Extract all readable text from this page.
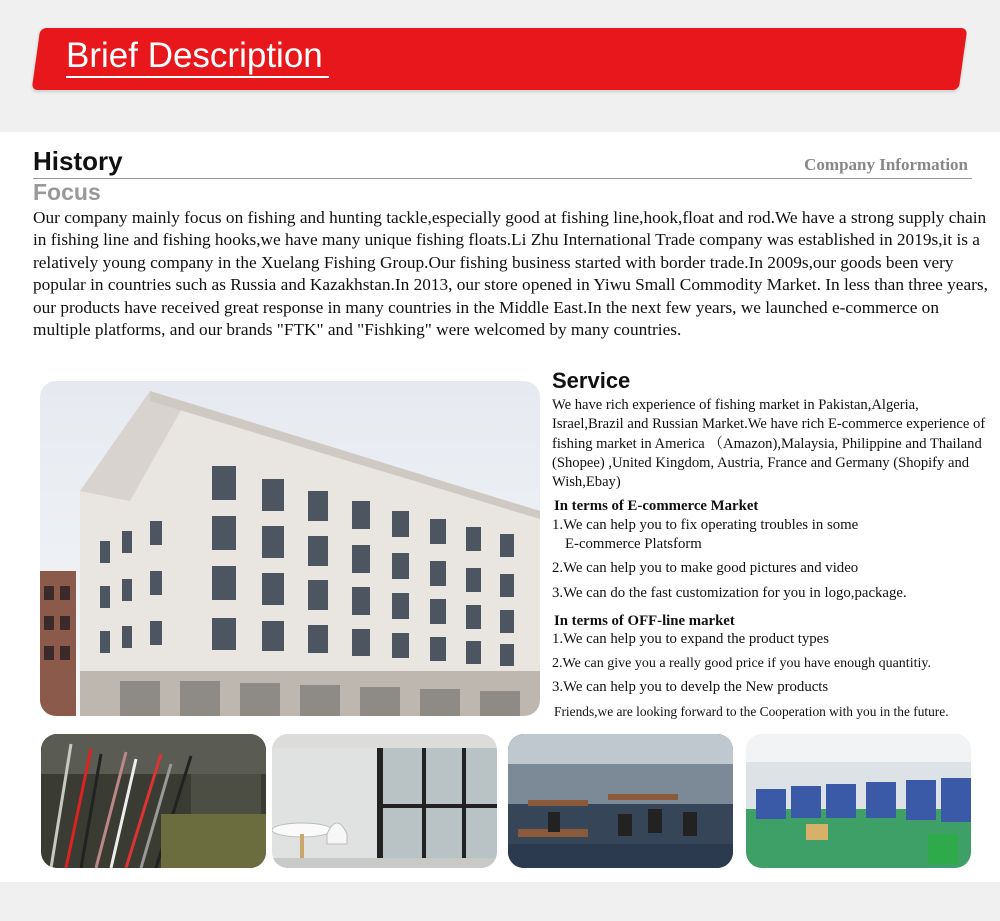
Brief Description
History	Company Information
Focus

Our company mainly focus on fishing and hunting tackle,especially good at fishing line,hook,float and rod.We have a strong supply chain in fishing line and fishing hooks,we have many unique fishing floats.Li Zhu International Trade company was established in 2019s,it is a relatively young company in the Xuelang Fishing Group.Our fishing business started with border trade.In 2009s,our goods been very popular in countries such as Russia and Kazakhstan.In 2013, our store opened in Yiwu Small Commodity Market. In less than three years, our products have received great response in many countries in the Middle East.In the next few years, we launched e-commerce on multiple platforms, and our brands "FTK" and "Fishking" were welcomed by many countries.

Service

We have rich experience of fishing market in Pakistan,Algeria, Israel,Brazil and Russian Market.We have rich E-commerce experience of fishing market in America （Amazon),Malaysia, Philippine and Thailand (Shopee) ,United Kingdom, Austria, France and Germany (Shopify and Wish,Ebay)

In terms of E-commerce Market

1.We can help you to fix operating troubles in some

E-commerce Platsform

2.We can help you to make good pictures and video

3.We can do the fast customization for you in logo,package.

In terms of OFF-line market

1.We can help you to expand the product types

2.We can give you a really good price if you have enough quantitiy.

3.We can help you to develp the New products

Friends,we are looking forward to the Cooperation with you in the future.
